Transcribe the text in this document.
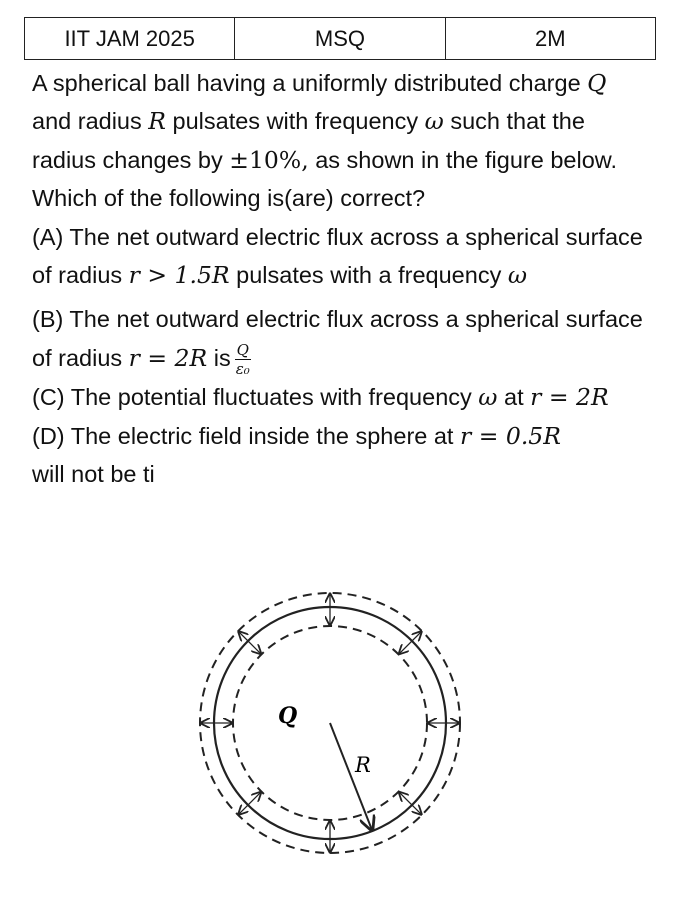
IIT JAM 2025	MSQ	2M

A spherical ball having a uniformly distributed charge Q and radius R pulsates with frequency ω such that the radius changes by ±10%, as shown in the figure below. Which of the following is(are) correct?

(A) The net outward electric flux across a spherical surface of radius r > 1.5R pulsates with a frequency ω

(B) The net outward electric flux across a spherical surface of radius r = 2R is $\frac{Q}{\text{ε₀}}$

(C) The potential fluctuates with frequency ω at r = 2R

(D) The electric field inside the sphere at r = 0.5R
will not be ti

Q
R
